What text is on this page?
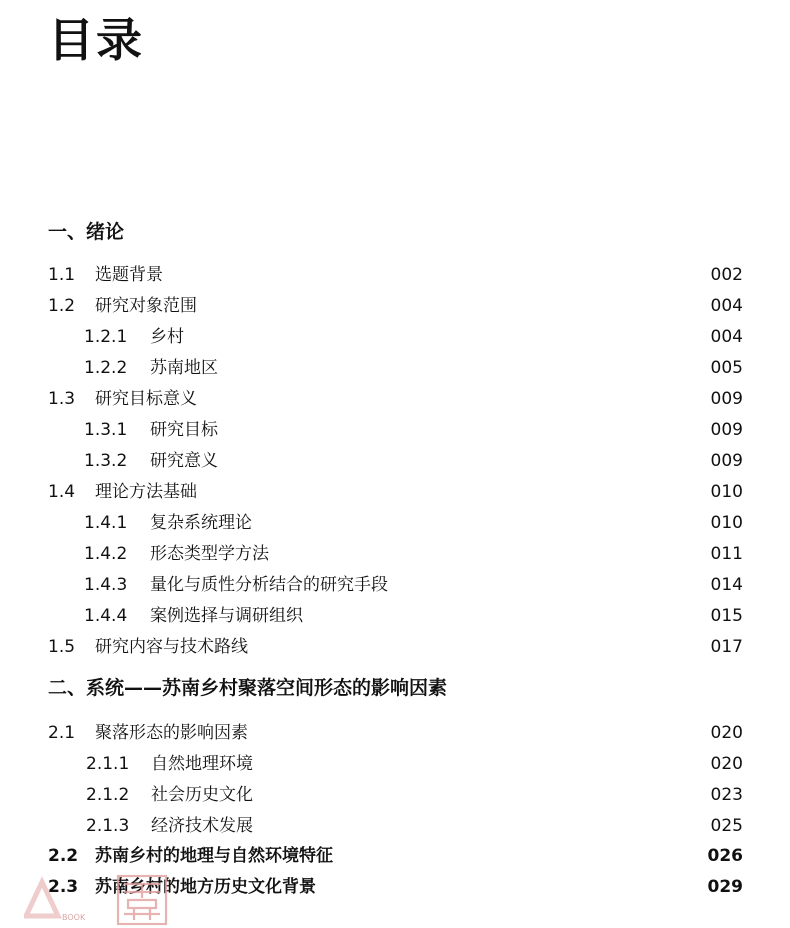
目录
一、绪论
1.1 选题背景	002
1.2 研究对象范围	004
1.2.1 乡村	004
1.2.2 苏南地区	005
1.3 研究目标意义	009
1.3.1 研究目标	009
1.3.2 研究意义	009
1.4 理论方法基础	010
1.4.1 复杂系统理论	010
1.4.2 形态类型学方法	011
1.4.3 量化与质性分析结合的研究手段	014
1.4.4 案例选择与调研组织	015
1.5 研究内容与技术路线	017
二、系统——苏南乡村聚落空间形态的影响因素
2.1 聚落形态的影响因素	020
2.1.1 自然地理环境	020
2.1.2 社会历史文化	023
2.1.3 经济技术发展	025
2.2 苏南乡村的地理与自然环境特征	026
2.3 苏南乡村的地方历史文化背景	029
BOOK
